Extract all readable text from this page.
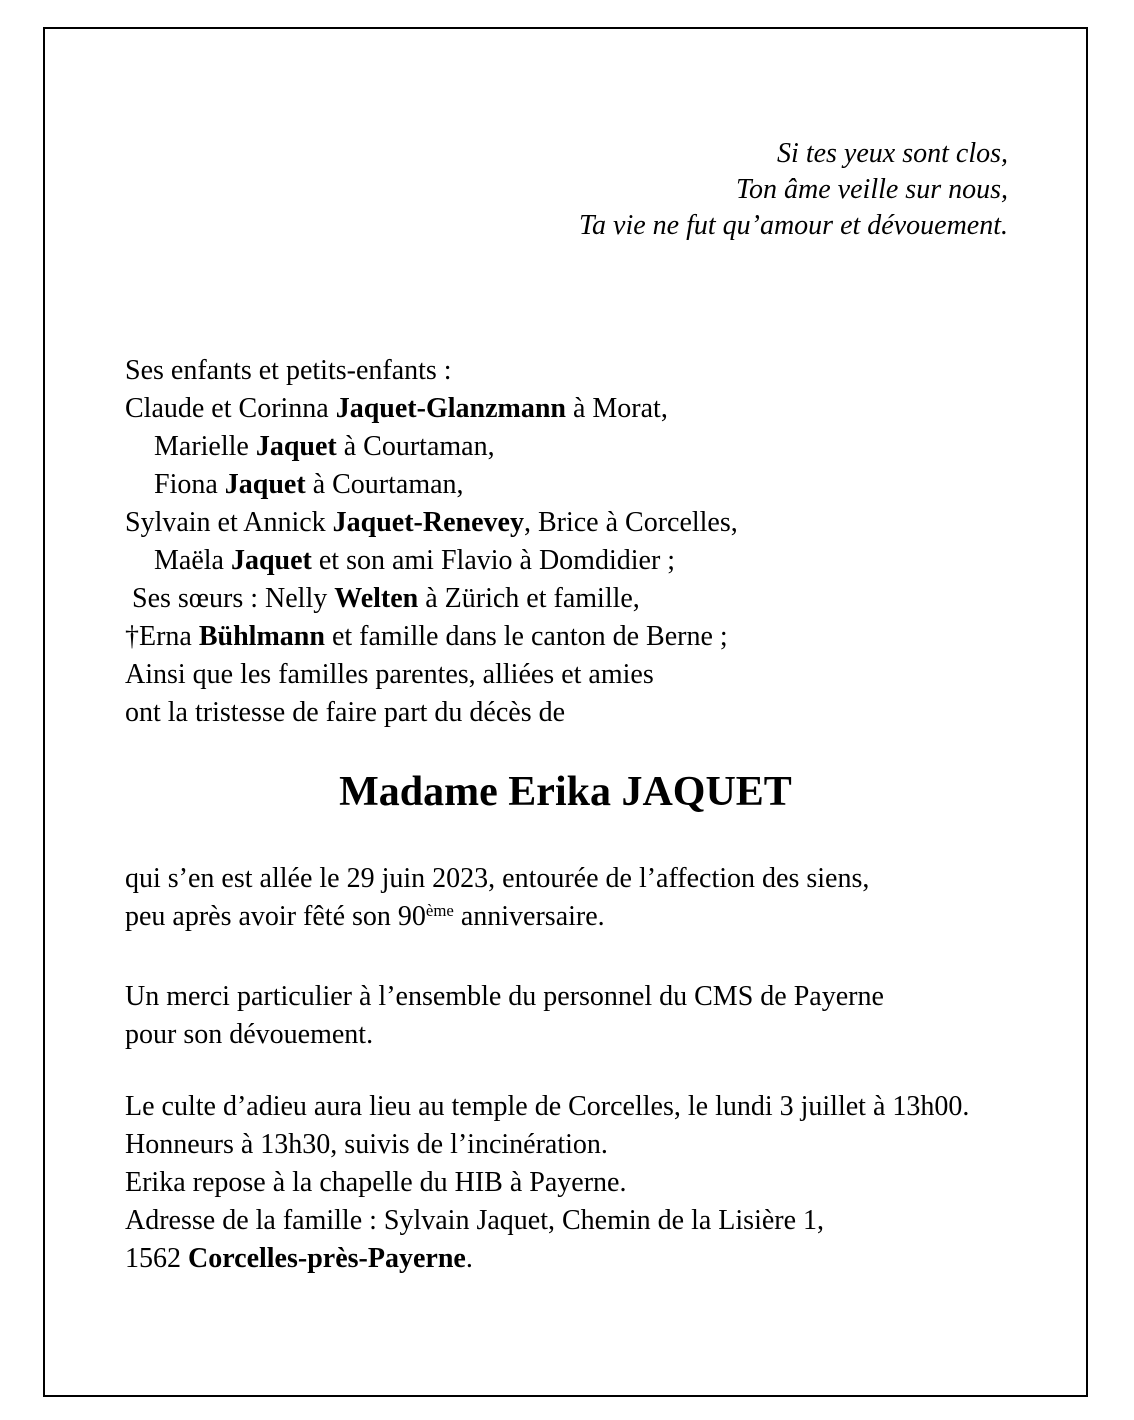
Si tes yeux sont clos,
Ton âme veille sur nous,
Ta vie ne fut qu’amour et dévouement.
Ses enfants et petits-enfants :
Claude et Corinna Jaquet-Glanzmann à Morat,
Marielle Jaquet à Courtaman,
Fiona Jaquet à Courtaman,
Sylvain et Annick Jaquet-Renevey, Brice à Corcelles,
Maëla Jaquet et son ami Flavio à Domdidier ;
Ses sœurs : Nelly Welten à Zürich et famille,
†Erna Bühlmann et famille dans le canton de Berne ;
Ainsi que les familles parentes, alliées et amies
ont la tristesse de faire part du décès de
Madame Erika JAQUET
qui s’en est allée le 29 juin 2023, entourée de l’affection des siens,
peu après avoir fêté son 90ème anniversaire.
Un merci particulier à l’ensemble du personnel du CMS de Payerne
pour son dévouement.
Le culte d’adieu aura lieu au temple de Corcelles, le lundi 3 juillet à 13h00.
Honneurs à 13h30, suivis de l’incinération.
Erika repose à la chapelle du HIB à Payerne.
Adresse de la famille : Sylvain Jaquet, Chemin de la Lisière 1,
1562 Corcelles-près-Payerne.
